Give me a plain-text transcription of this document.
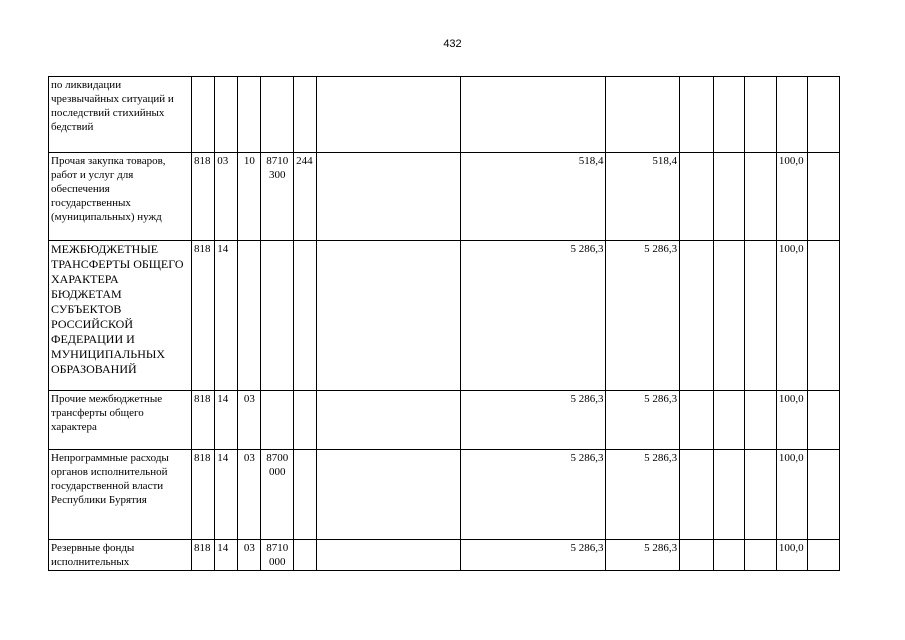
432
по ликвидации чрезвычайных ситуаций и последствий стихийных бедствий													
Прочая закупка товаров, работ и услуг для обеспечения государственных (муниципальных) нужд	818	03	10	8710 300	244		518,4	518,4				100,0	
МЕЖБЮДЖЕТНЫЕ ТРАНСФЕРТЫ ОБЩЕГО ХАРАКТЕРА БЮДЖЕТАМ СУБЪЕКТОВ РОССИЙСКОЙ ФЕДЕРАЦИИ И МУНИЦИПАЛЬНЫХ ОБРАЗОВАНИЙ	818	14					5 286,3	5 286,3				100,0	
Прочие межбюджетные трансферты общего характера	818	14	03				5 286,3	5 286,3				100,0	
Непрограммные расходы органов исполнительной государственной власти Республики Бурятия	818	14	03	8700 000			5 286,3	5 286,3				100,0	
Резервные фонды исполнительных	818	14	03	8710 000			5 286,3	5 286,3				100,0	
